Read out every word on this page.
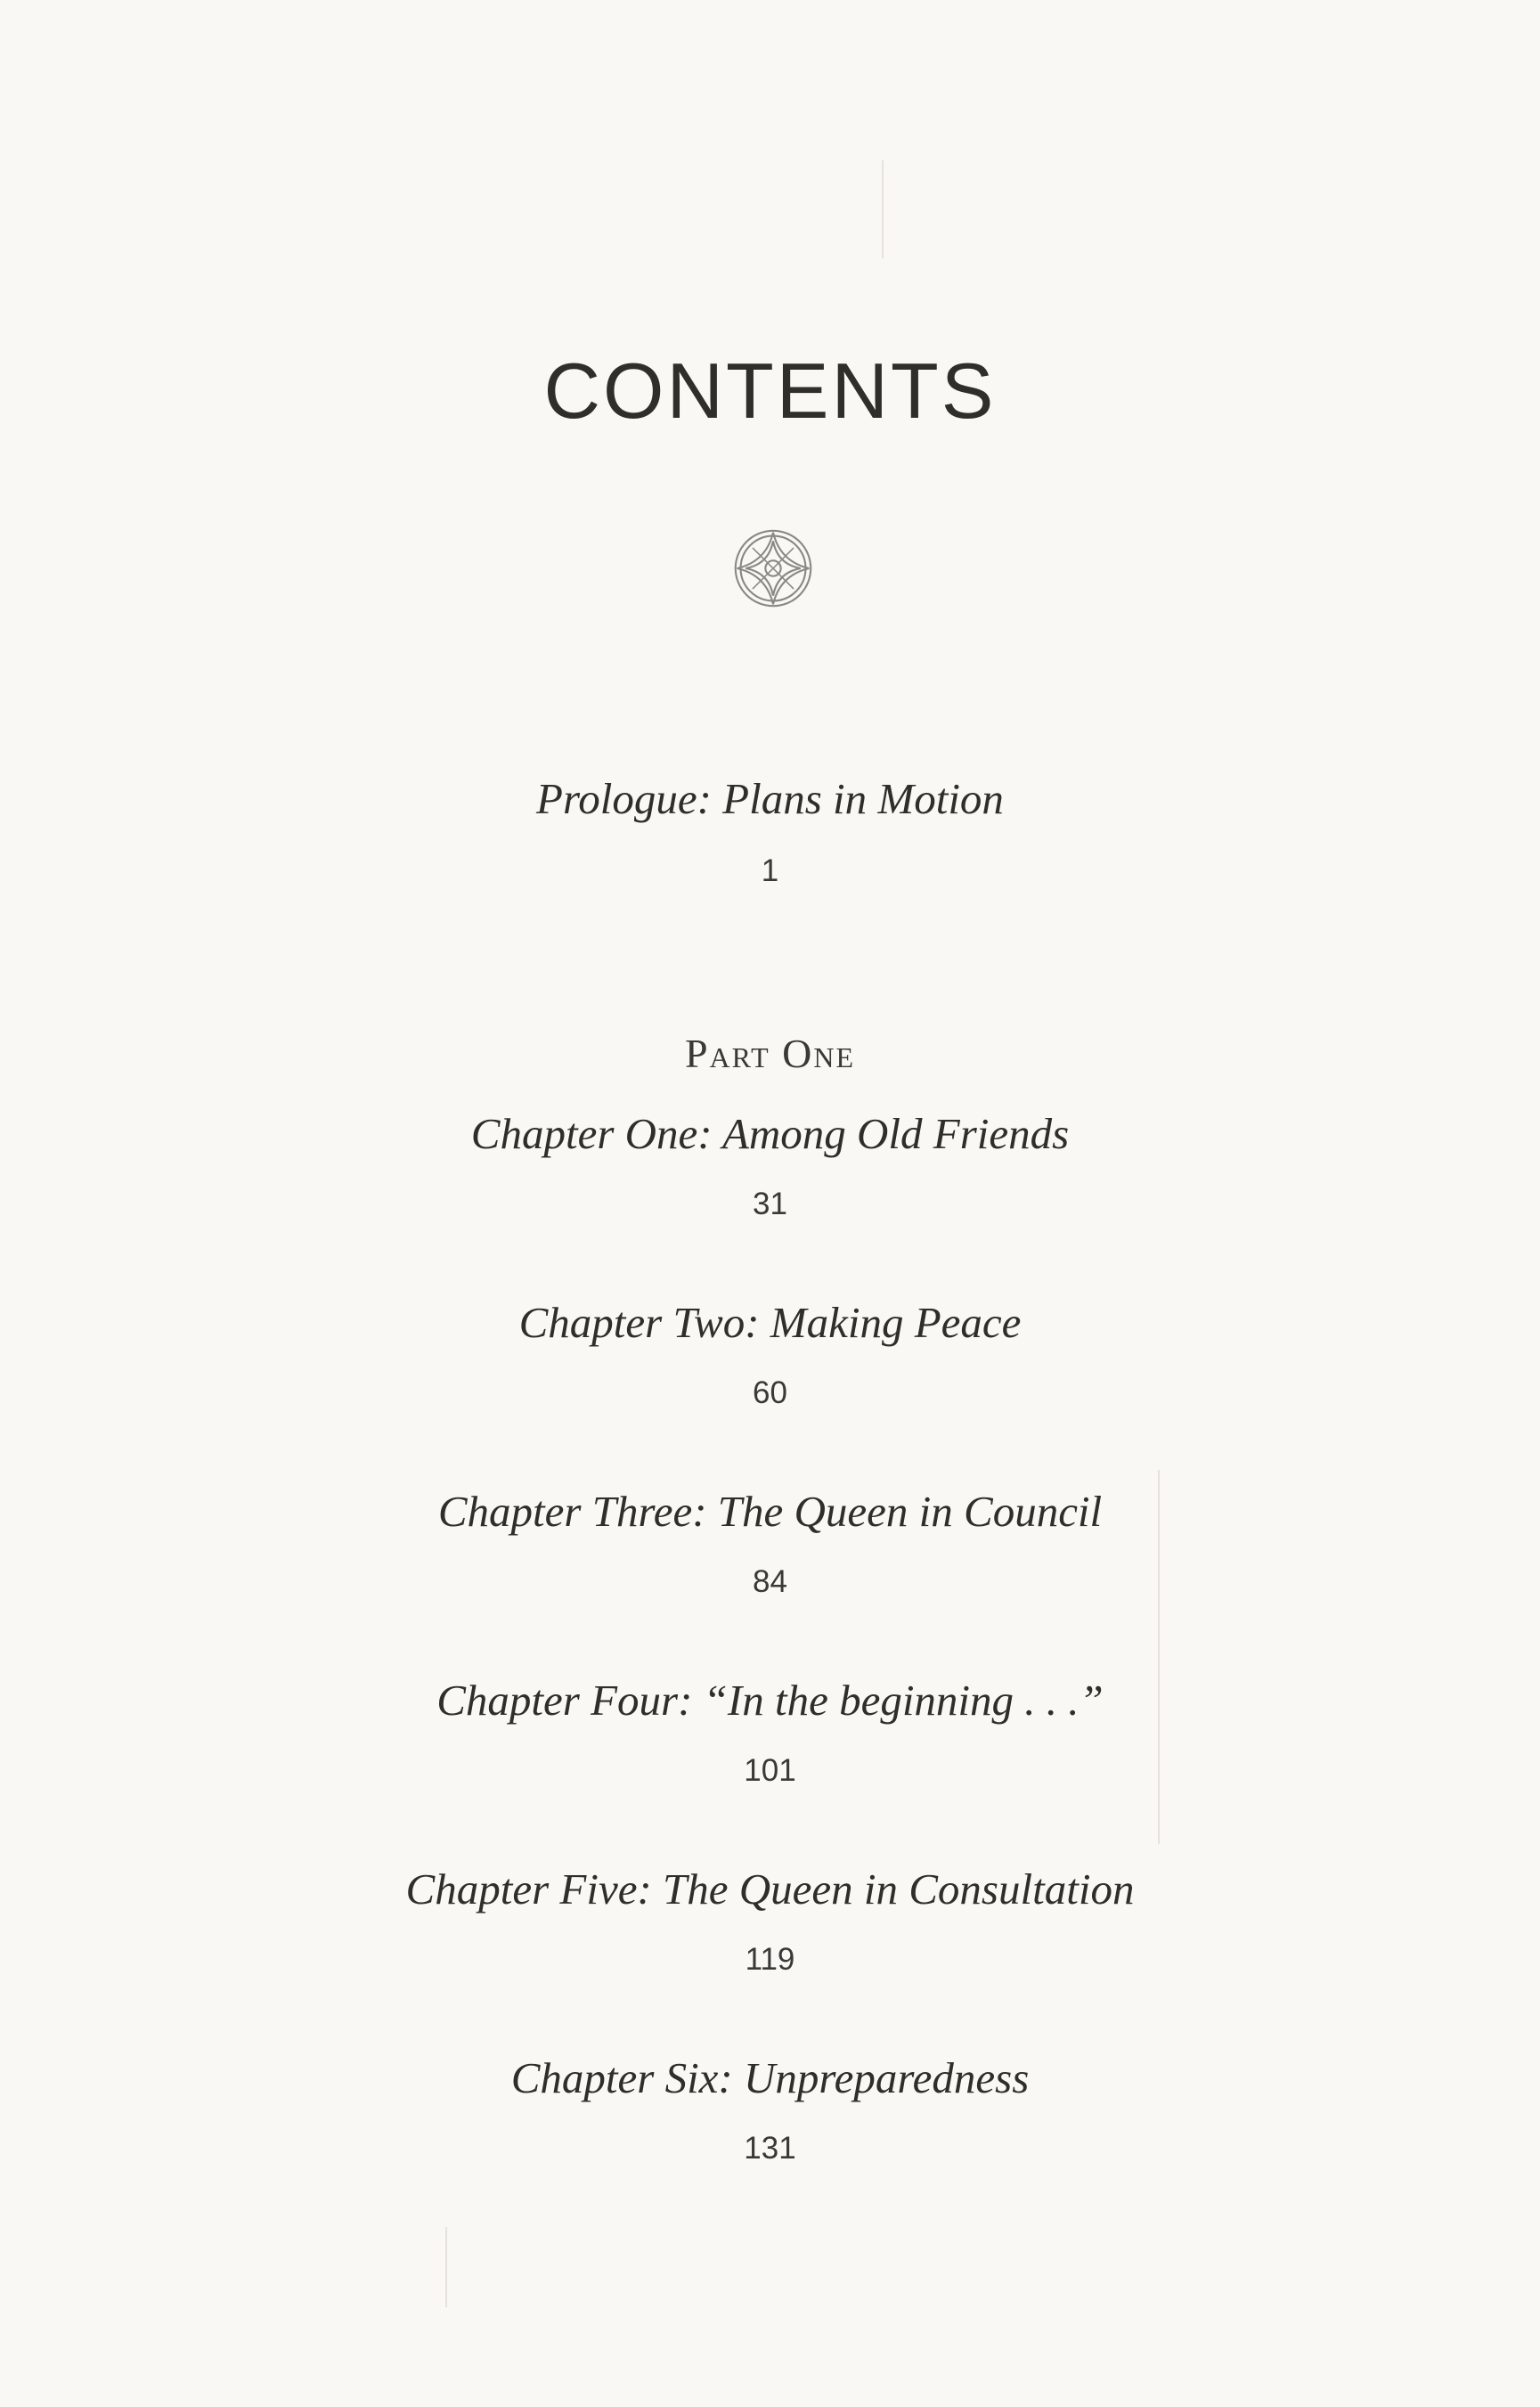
CONTENTS
Prologue: Plans in Motion
1
Part One
Chapter One: Among Old Friends
31
Chapter Two: Making Peace
60
Chapter Three: The Queen in Council
84
Chapter Four: “In the beginning . . .”
101
Chapter Five: The Queen in Consultation
119
Chapter Six: Unpreparedness
131
